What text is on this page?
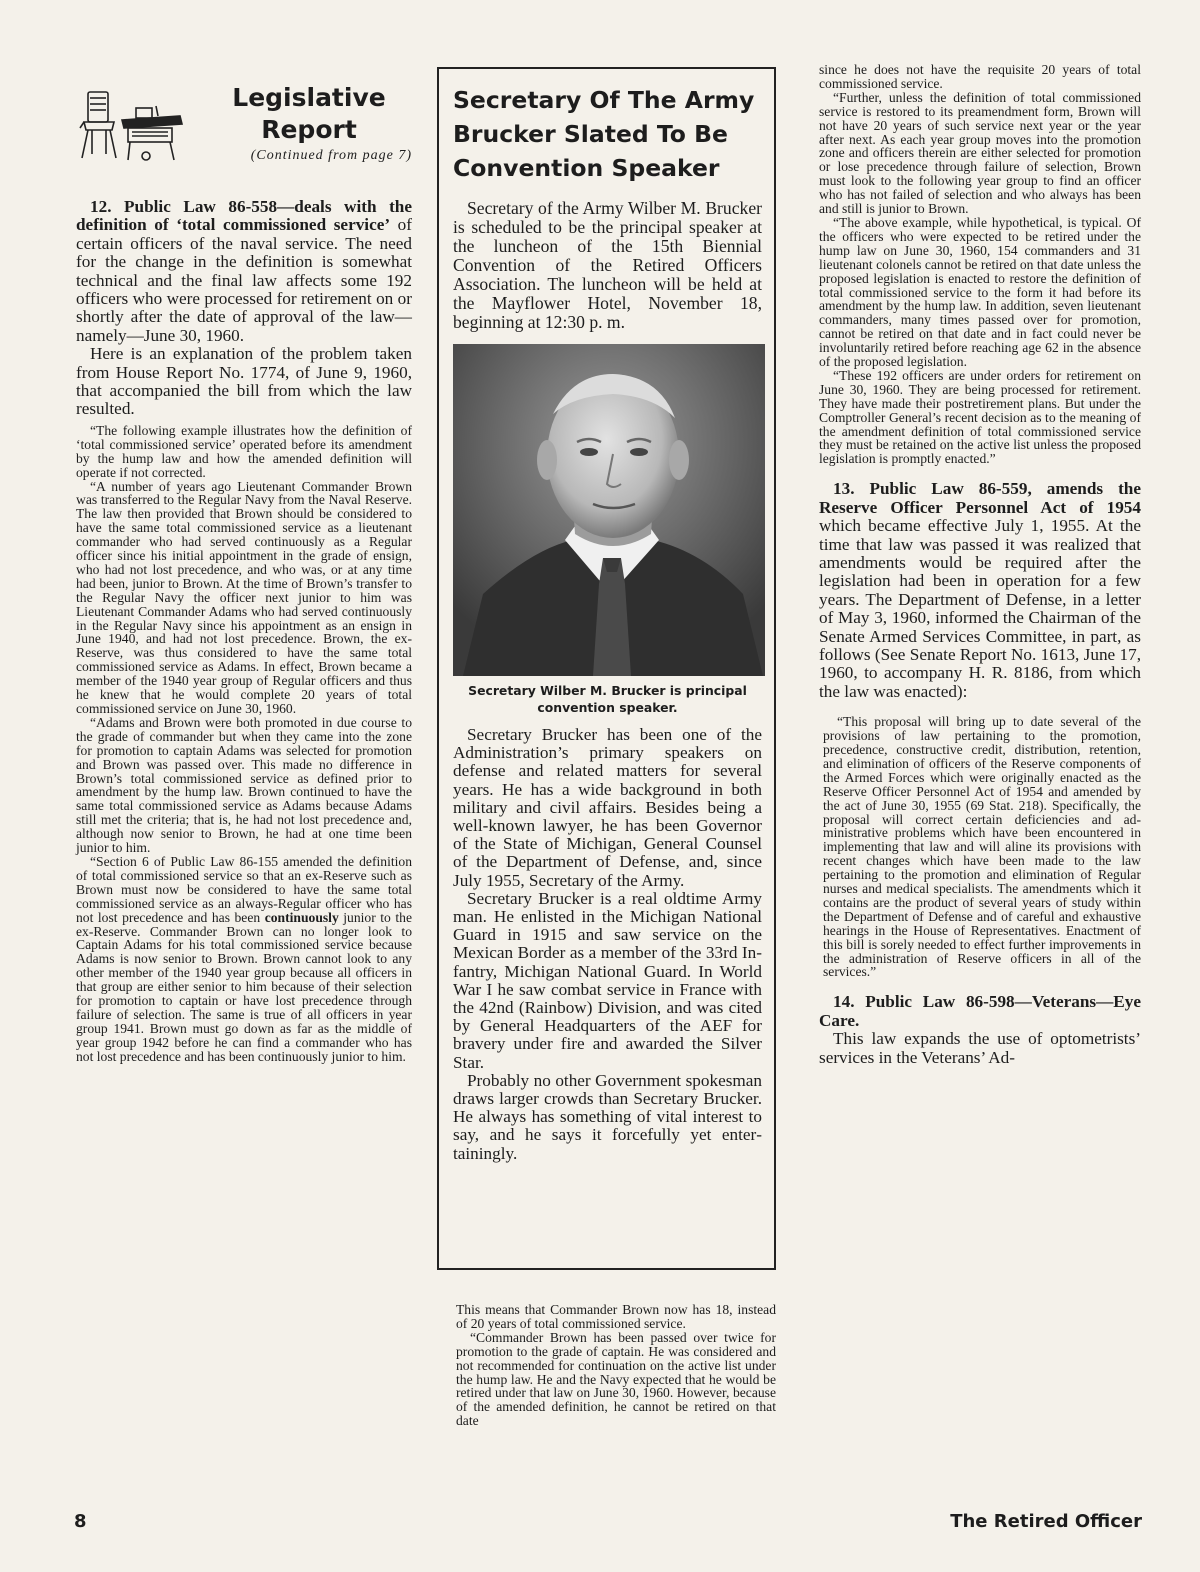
Legislative
Report
(Continued from page 7)

12. Public Law 86-558—deals with the definition of ‘total commissioned service’ of certain officers of the naval service. The need for the change in the definition is somewhat technical and the final law affects some 192 officers who were processed for retirement on or shortly after the date of approval of the law—namely—June 30, 1960.

Here is an explanation of the problem taken from House Report No. 1774, of June 9, 1960, that accompanied the bill from which the law resulted.

“The following example illustrates how the definition of ‘total commissioned service’ operated before its amendment by the hump law and how the amended definition will operate if not corrected.

“A number of years ago Lieutenant Commander Brown was transferred to the Regular Navy from the Naval Reserve. The law then provided that Brown should be considered to have the same total commissioned service as a lieutenant commander who had served continuously as a Regular officer since his initial appointment in the grade of ensign, who had not lost precedence, and who was, or at any time had been, junior to Brown. At the time of Brown’s transfer to the Regular Navy the officer next junior to him was Lieutenant Commander Adams who had served continuously in the Regular Navy since his appointment as an ensign in June 1940, and had not lost precedence. Brown, the ex-Reserve, was thus considered to have the same total commissioned service as Adams. In effect, Brown became a member of the 1940 year group of Regular officers and thus he knew that he would complete 20 years of total commissioned service on June 30, 1960.

“Adams and Brown were both promoted in due course to the grade of commander but when they came into the zone for promotion to captain Adams was selected for promotion and Brown was passed over. This made no difference in Brown’s total commissioned service as defined prior to amendment by the hump law. Brown continued to have the same total commissioned service as Adams because Adams still met the criteria; that is, he had not lost precedence and, although now senior to Brown, he had at one time been junior to him.

“Section 6 of Public Law 86-155 amended the definition of total commissioned service so that an ex-Reserve such as Brown must now be considered to have the same total commissioned service as an always-Regular officer who has not lost precedence and has been continuously junior to the ex-Reserve. Commander Brown can no longer look to Captain Adams for his total commissioned service because Adams is now senior to Brown. Brown cannot look to any other member of the 1940 year group because all officers in that group are either senior to him because of their selection for promotion to captain or have lost precedence through failure of selection. The same is true of all officers in year group 1941. Brown must go down as far as the middle of year group 1942 before he can find a commander who has not lost precedence and has been continuously junior to him.

Secretary Of The Army Brucker Slated To Be Convention Speaker

Secretary of the Army Wilber M. Brucker is scheduled to be the principal speaker at the luncheon of the 15th Biennial Convention of the Retired Officers Association. The luncheon will be held at the Mayflower Hotel, November 18, beginning at 12:30 p. m.

Secretary Wilber M. Brucker is principal convention speaker.

Secretary Brucker has been one of the Administration’s primary speakers on defense and related matters for several years. He has a wide background in both military and civil affairs. Besides being a well-known lawyer, he has been Governor of the State of Michigan, General Counsel of the Department of Defense, and, since July 1955, Secretary of the Army.

Secretary Brucker is a real oldtime Army man. He enlisted in the Michigan National Guard in 1915 and saw service on the Mexican Border as a member of the 33rd Infantry, Michigan National Guard. In World War I he saw combat service in France with the 42nd (Rainbow) Division, and was cited by General Headquarters of the AEF for bravery under fire and awarded the Silver Star.

Probably no other Government spokesman draws larger crowds than Secretary Brucker. He always has something of vital interest to say, and he says it forcefully yet entertainingly.

This means that Commander Brown now has 18, instead of 20 years of total commissioned service.

“Commander Brown has been passed over twice for promotion to the grade of captain. He was considered and not recommended for continuation on the active list under the hump law. He and the Navy expected that he would be retired under that law on June 30, 1960. However, because of the amended definition, he cannot be retired on that date

since he does not have the requisite 20 years of total commissioned service.

“Further, unless the definition of total commissioned service is restored to its preamendment form, Brown will not have 20 years of such service next year or the year after next. As each year group moves into the promotion zone and officers therein are either selected for promotion or lose precedence through failure of selection, Brown must look to the following year group to find an officer who has not failed of selection and who always has been and still is junior to Brown.

“The above example, while hypothetical, is typical. Of the officers who were expected to be retired under the hump law on June 30, 1960, 154 commanders and 31 lieutenant colonels cannot be retired on that date unless the proposed legislation is enacted to restore the definition of total commissioned service to the form it had before its amendment by the hump law. In addition, seven lieutenant commanders, many times passed over for promotion, cannot be retired on that date and in fact could never be involuntarily retired before reaching age 62 in the absence of the proposed legislation.

“These 192 officers are under orders for retirement on June 30, 1960. They are being processed for retirement. They have made their postretirement plans. But under the Comptroller General’s recent decision as to the meaning of the amendment definition of total commissioned service they must be retained on the active list unless the proposed legislation is promptly enacted.”

13. Public Law 86-559, amends the Reserve Officer Personnel Act of 1954 which became effective July 1, 1955. At the time that law was passed it was realized that amendments would be required after the legislation had been in operation for a few years. The Department of Defense, in a letter of May 3, 1960, informed the Chairman of the Senate Armed Services Committee, in part, as follows (See Senate Report No. 1613, June 17, 1960, to accompany H. R. 8186, from which the law was enacted):

“This proposal will bring up to date several of the provisions of law pertaining to the promotion, precedence, constructive credit, distribution, retention, and elimination of officers of the Reserve components of the Armed Forces which were originally enacted as the Reserve Officer Personnel Act of 1954 and amended by the act of June 30, 1955 (69 Stat. 218). Specifically, the proposal will correct certain deficiencies and administrative problems which have been encountered in implementing that law and will aline its provisions with recent changes which have been made to the law pertaining to the promotion and elimination of Regular nurses and medical specialists. The amendments which it contains are the product of several years of study within the Department of Defense and of careful and exhaustive hearings in the House of Representatives. Enactment of this bill is sorely needed to effect further improvements in the administration of Reserve officers in all of the services.”

14. Public Law 86-598—Veterans—Eye Care.

This law expands the use of optometrists’ services in the Veterans’ Ad-

8	The Retired Officer
